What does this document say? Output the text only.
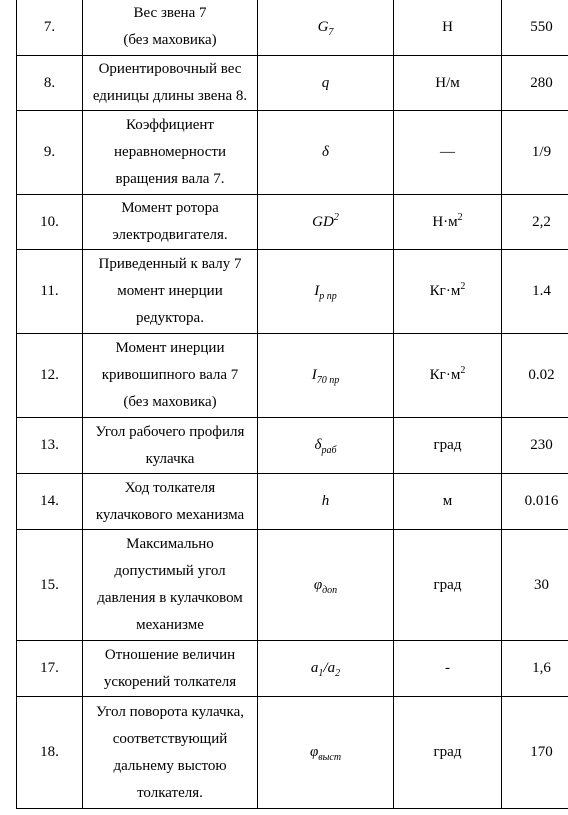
7.	Вес звена 7
(без маховика)	$G_7$	Н	550
8.	Ориентировочный вес
единицы длины звена 8.	q	Н/м	280
9.	Коэффициент
неравномерности
вращения вала 7.	δ	—	1/9
10.	Момент ротора
электродвигателя.	$GD^2$	$Н\cdot м^2$	2,2
11.	Приведенный к валу 7
момент инерции
редуктора.	$I_{р пр}$	$Кг\cdot м^2$	1.4
12.	Момент инерции
кривошипного вала 7
(без маховика)	$I_{70 пр}$	$Кг\cdot м^2$	0.02
13.	Угол рабочего профиля
кулачка	$\delta_{раб}$	град	230
14.	Ход толкателя
кулачкового механизма	h	м	0.016
15.	Максимально
допустимый угол
давления в кулачковом
механизме	$\varphi_{доп}$	град	30
17.	Отношение величин
ускорений толкателя	$a_1/a_2$	-	1,6
18.	Угол поворота кулачка,
соответствующий
дальнему выстою
толкателя.	$\varphi_{выст}$	град	170
